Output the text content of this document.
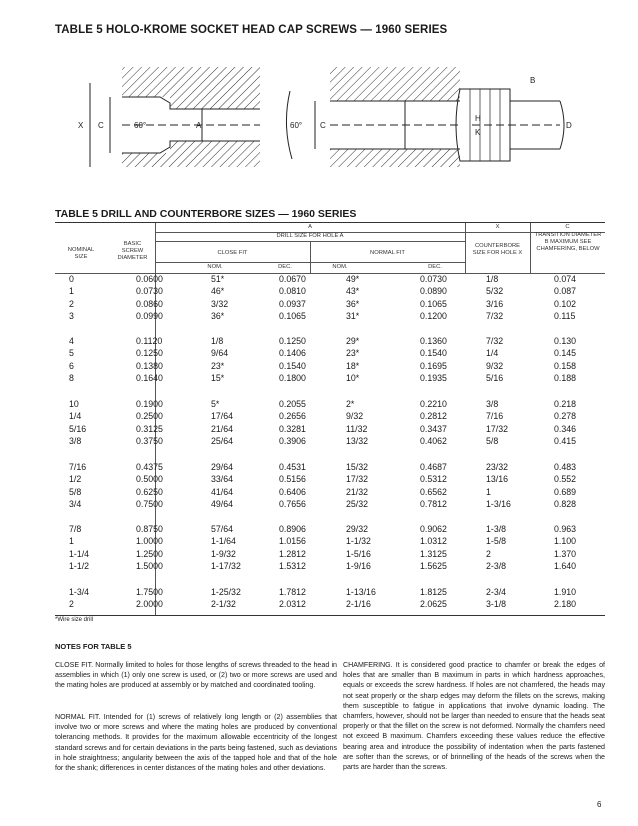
TABLE 5 HOLO-KROME SOCKET HEAD CAP SCREWS — 1960 SERIES
X C	60°	A	60° C
B
H
K
D
TABLE 5 DRILL AND COUNTERBORE SIZES — 1960 SERIES
A	X	C
DRILL SIZE FOR HOLE A
NOMINAL SIZE
BASIC SCREW DIAMETER
CLOSE FIT	NORMAL FIT
COUNTERBORE SIZE FOR HOLE X
TRANSITION DIAMETER B MAXIMUM SEE CHAMFERING, BELOW
NOM.	DEC.	NOM.	DEC.
0	0.0600	51*	0.0670	49*	0.0730	1/8	0.074
1	0.0730	46*	0.0810	43*	0.0890	5/32	0.087
2	0.0860	3/32	0.0937	36*	0.1065	3/16	0.102
3	0.0990	36*	0.1065	31*	0.1200	7/32	0.115
4	0.1120	1/8	0.1250	29*	0.1360	7/32	0.130
5	0.1250	9/64	0.1406	23*	0.1540	1/4	0.145
6	0.1380	23*	0.1540	18*	0.1695	9/32	0.158
8	0.1640	15*	0.1800	10*	0.1935	5/16	0.188
10	0.1900	5*	0.2055	2*	0.2210	3/8	0.218
1/4	0.2500	17/64	0.2656	9/32	0.2812	7/16	0.278
5/16	0.3125	21/64	0.3281	11/32	0.3437	17/32	0.346
3/8	0.3750	25/64	0.3906	13/32	0.4062	5/8	0.415
7/16	0.4375	29/64	0.4531	15/32	0.4687	23/32	0.483
1/2	0.5000	33/64	0.5156	17/32	0.5312	13/16	0.552
5/8	0.6250	41/64	0.6406	21/32	0.6562	1	0.689
3/4	0.7500	49/64	0.7656	25/32	0.7812	1-3/16	0.828
7/8	0.8750	57/64	0.8906	29/32	0.9062	1-3/8	0.963
1	1.0000	1-1/64	1.0156	1-1/32	1.0312	1-5/8	1.100
1-1/4	1.2500	1-9/32	1.2812	1-5/16	1.3125	2	1.370
1-1/2	1.5000	1-17/32	1.5312	1-9/16	1.5625	2-3/8	1.640
1-3/4	1.7500	1-25/32	1.7812	1-13/16	1.8125	2-3/4	1.910
2	2.0000	2-1/32	2.0312	2-1/16	2.0625	3-1/8	2.180
*Wire size drill
NOTES FOR TABLE 5
CLOSE FIT. Normally limited to holes for those lengths of screws threaded to the head in assemblies in which (1) only one screw is used, or (2) two or more screws are used and the mating holes are produced at assembly or by matched and coordinated tooling.
NORMAL FIT. Intended for (1) screws of relatively long length or (2) assemblies that involve two or more screws and where the mating holes are produced by conventional tolerancing methods. It provides for the maximum allowable eccentricity of the longest standard screws and for certain deviations in the parts being fastened, such as deviations in hole straightness; angularity between the axis of the tapped hole and that of the hole for the shank; differences in center distances of the mating holes and other deviations.
CHAMFERING. It is considered good practice to chamfer or break the edges of holes that are smaller than B maximum in parts in which hardness approaches, equals or exceeds the screw hardness. If holes are not chamfered, the heads may not seat properly or the sharp edges may deform the fillets on the screws, making them susceptible to fatigue in applications that involve dynamic loading. The chamfers, however, should not be larger than needed to ensure that the heads seat properly or that the fillet on the screw is not deformed. Normally the chamfers need not exceed B maximum. Chamfers exceeding these values reduce the effective bearing area and introduce the possibility of indentation when the parts fastened are softer than the screws, or of brinnelling of the heads of the screws when the parts are harder than the screws.
6
